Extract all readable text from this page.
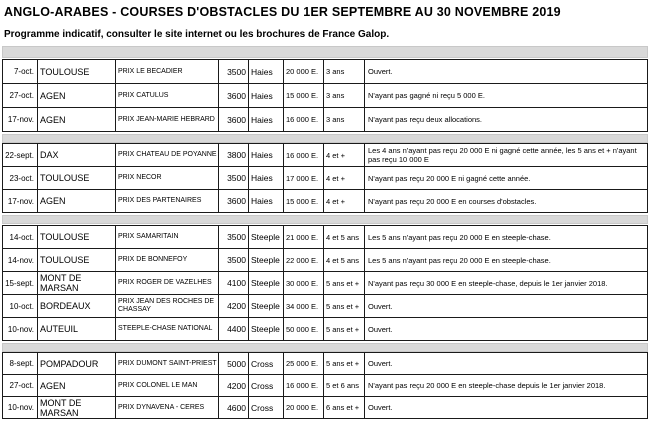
ANGLO-ARABES - COURSES D'OBSTACLES DU 1ER SEPTEMBRE AU 30 NOVEMBRE 2019

Programme indicatif, consulter le site internet ou les brochures de France Galop.

7-oct.	TOULOUSE	PRIX LE BECADIER	3500	Haies	20 000 E.	3 ans	Ouvert.
27-oct.	AGEN	PRIX CATULUS	3600	Haies	15 000 E.	3 ans	N'ayant pas gagné ni reçu 5 000 E.
17-nov.	AGEN	PRIX JEAN-MARIE HEBRARD	3600	Haies	16 000 E.	3 ans	N'ayant pas reçu deux allocations.
22-sept.	DAX	PRIX CHATEAU DE POYANNE	3800	Haies	16 000 E.	4 et +	Les 4 ans n'ayant pas reçu 20 000 E ni gagné cette année, les 5 ans et + n'ayant pas reçu 10 000 E
23-oct.	TOULOUSE	PRIX NECOR	3500	Haies	17 000 E.	4 et +	N'ayant pas reçu 20 000 E ni gagné cette année.
17-nov.	AGEN	PRIX DES PARTENAIRES	3600	Haies	15 000 E.	4 et +	N'ayant pas reçu 20 000 E en courses d'obstacles.
14-oct.	TOULOUSE	PRIX SAMARITAIN	3500	Steeple	21 000 E.	4 et 5 ans	Les 5 ans n'ayant pas reçu 20 000 E en steeple-chase.
14-nov.	TOULOUSE	PRIX DE BONNEFOY	3500	Steeple	22 000 E.	4 et 5 ans	Les 5 ans n'ayant pas reçu 20 000 E en steeple-chase.
15-sept.	MONT DE MARSAN	PRIX ROGER DE VAZELHES	4100	Steeple	30 000 E.	5 ans et +	N'ayant pas reçu 30 000 E en steeple-chase, depuis le 1er janvier 2018.
10-oct.	BORDEAUX	PRIX JEAN DES ROCHES DE CHASSAY	4200	Steeple	34 000 E.	5 ans et +	Ouvert.
10-nov.	AUTEUIL	STEEPLE-CHASE NATIONAL	4400	Steeple	50 000 E.	5 ans et +	Ouvert.
8-sept.	POMPADOUR	PRIX DUMONT SAINT-PRIEST	5000	Cross	25 000 E.	5 ans et +	Ouvert.
27-oct.	AGEN	PRIX COLONEL LE MAN	4200	Cross	16 000 E.	5 et 6 ans	N'ayant pas reçu 20 000 E en steeple-chase depuis le 1er janvier 2018.
10-nov.	MONT DE MARSAN	PRIX DYNAVENA - CERES	4600	Cross	20 000 E.	6 ans et +	Ouvert.
